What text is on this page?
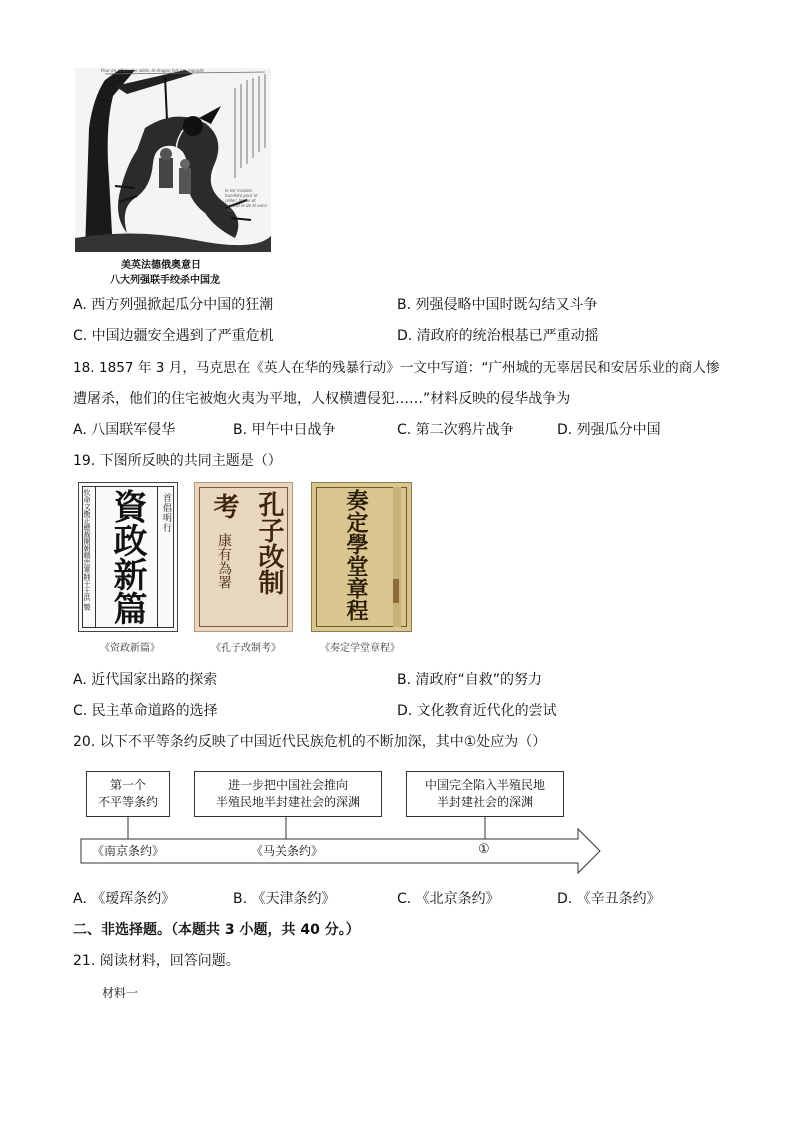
Pour en effets des alliés, le dragon fait son mouvés
le les mission hannkka pour le celler; lobles et avaient le de le vecu fille
美英法德俄奥意日
八大列强联手绞杀中国龙
A. 西方列强掀起瓜分中国的狂潮	B. 列强侵略中国时既勾结又斗争
C. 中国边疆安全遇到了严重危机	D. 清政府的统治根基已严重动摇
18. 1857 年 3 月，马克思在《英人在华的残暴行动》一文中写道：“广州城的无辜居民和安居乐业的商人惨
遭屠杀，他们的住宅被炮火夷为平地，人权横遭侵犯……”材料反映的侵华战争为
A. 八国联军侵华	B. 甲午中日战争	C. 第二次鸦片战争	D. 列强瓜分中国
19. 下图所反映的共同主题是（）
首倡明行
資政新篇
钦命文衡正總裁開朝精忠軍師干王洪 製
《资政新篇》
孔子改制
考
康有為署
《孔子改制考》
奏定學堂章程
《奏定学堂章程》
A. 近代国家出路的探索	B. 清政府“自救”的努力
C. 民主革命道路的选择	D. 文化教育近代化的尝试
20. 以下不平等条约反映了中国近代民族危机的不断加深，其中①处应为（）
第一个
不平等条约
进一步把中国社会推向
半殖民地半封建社会的深渊
中国完全陷入半殖民地
半封建社会的深渊
《南京条约》	《马关条约》	①
A. 《瑷珲条约》	B. 《天津条约》	C. 《北京条约》	D. 《辛丑条约》
二、非选择题。（本题共 3 小题，共 40 分。）
21. 阅读材料，回答问题。
材料一
